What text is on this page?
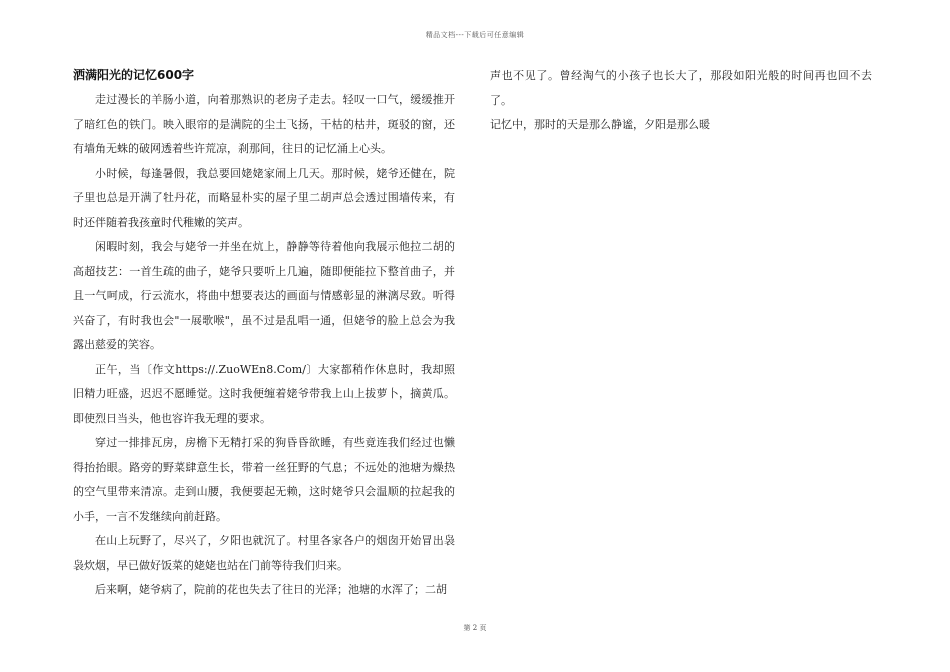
精品文档---下载后可任意编辑
洒满阳光的记忆600字

走过漫长的羊肠小道，向着那熟识的老房子走去。轻叹一口气，缓缓推开了暗红色的铁门。映入眼帘的是满院的尘土飞扬，干枯的枯井，斑驳的窗，还有墙角无蛛的破网透着些许荒凉，刹那间，往日的记忆涌上心头。

小时候，每逢暑假，我总要回姥姥家闹上几天。那时候，姥爷还健在，院子里也总是开满了牡丹花，而略显朴实的屋子里二胡声总会透过围墙传来，有时还伴随着我孩童时代稚嫩的笑声。

闲暇时刻，我会与姥爷一并坐在炕上，静静等待着他向我展示他拉二胡的高超技艺：一首生疏的曲子，姥爷只要听上几遍，随即便能拉下整首曲子，并且一气呵成，行云流水，将曲中想要表达的画面与情感彰显的淋漓尽致。听得兴奋了，有时我也会"一展歌喉"，虽不过是乱唱一通，但姥爷的脸上总会为我露出慈爱的笑容。

正午，当〔作文https://.ZuoWEn8.Com/〕大家都稍作休息时，我却照旧精力旺盛，迟迟不愿睡觉。这时我便缠着姥爷带我上山上拔萝卜，摘黄瓜。即使烈日当头，他也容许我无理的要求。

穿过一排排瓦房，房檐下无精打采的狗昏昏欲睡，有些竟连我们经过也懒得抬抬眼。路旁的野菜肆意生长，带着一丝狂野的气息；不远处的池塘为燥热的空气里带来清凉。走到山腰，我便要起无赖，这时姥爷只会温顺的拉起我的小手，一言不发继续向前赶路。

在山上玩野了，尽兴了，夕阳也就沉了。村里各家各户的烟囱开始冒出袅袅炊烟，早已做好饭菜的姥姥也站在门前等待我们归来。

后来啊，姥爷病了，院前的花也失去了往日的光泽；池塘的水浑了；二胡

声也不见了。曾经淘气的小孩子也长大了，那段如阳光般的时间再也回不去了。

记忆中，那时的天是那么静谧，夕阳是那么暖

第 2 页
